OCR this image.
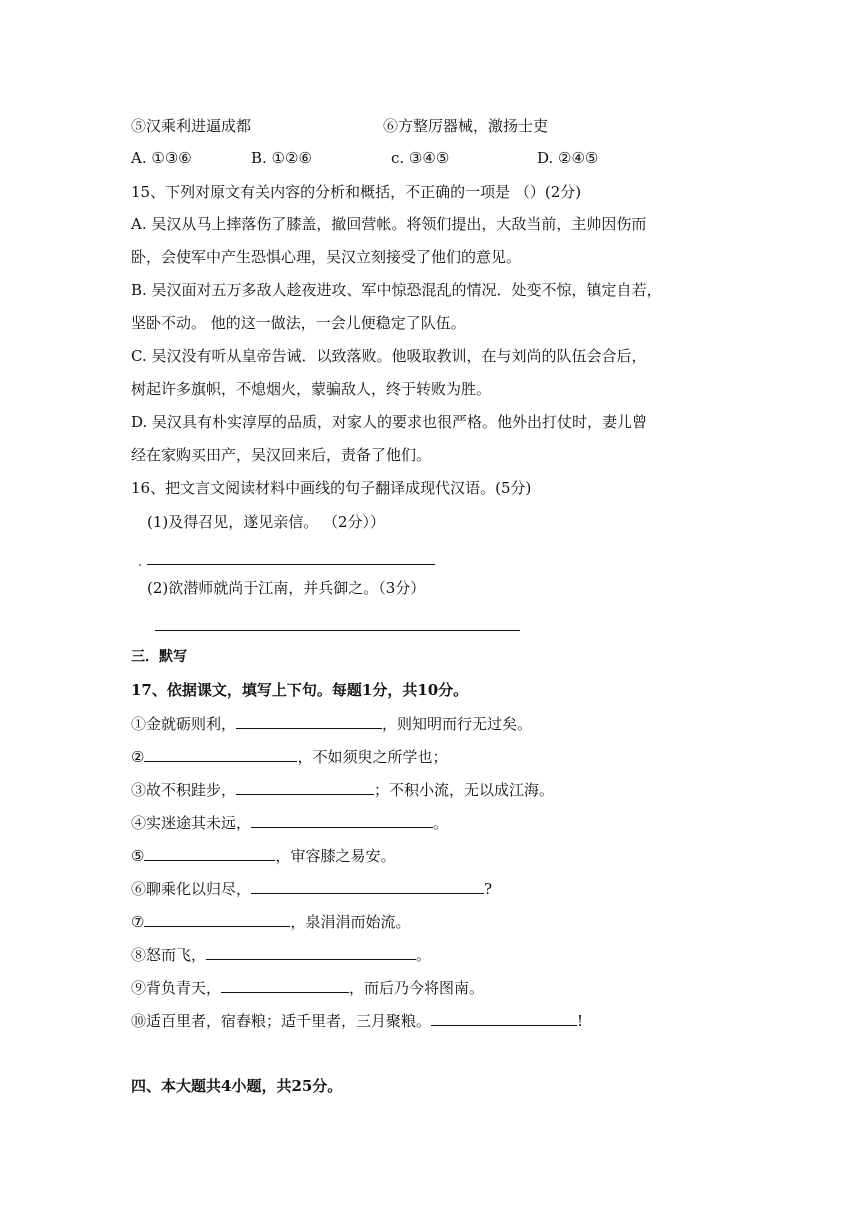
⑤汉乘利进逼成都	⑥方整厉器械，激扬士吏
A. ①③⑥	B. ①②⑥	c. ③④⑤	D. ②④⑤
15、下列对原文有关内容的分析和概括，不正确的一项是 （）(2分)
A. 吴汉从马上摔落伤了膝盖，撤回营帐。将领们提出，大敌当前，主帅因伤而
卧，会使军中产生恐惧心理，吴汉立刻接受了他们的意见。
B. 吴汉面对五万多敌人趁夜进攻、军中惊恐混乱的情况．处变不惊，镇定自若，
坚卧不动。 他的这一做法，一会儿便稳定了队伍。
C. 吴汉没有听从皇帝告诫．以致落败。他吸取教训，在与刘尚的队伍会合后，
树起许多旗帜，不熄烟火，蒙骗敌人，终于转败为胜。
D. 吴汉具有朴实淳厚的品质，对家人的要求也很严格。他外出打仗时，妻儿曾
经在家购买田产，吴汉回来后，责备了他们。
16、把文言文阅读材料中画线的句子翻译成现代汉语。(5分)
(1)及得召见，遂见亲信。 （2分））
(2)欲潜师就尚于江南，并兵御之。（3分）
三．默写
17、依据课文，填写上下句。每题1分，共10分。
①金就砺则利，	，则知明而行无过矣。
②	，不如须臾之所学也；
③故不积跬步，	；不积小流，无以成江海。
④实迷途其未远，	。
⑤	，审容膝之易安。
⑥聊乘化以归尽，	?
⑦	，泉涓涓而始流。
⑧怒而飞，	。
⑨背负青天，	，而后乃今将图南。
⑩适百里者，宿舂粮；适千里者，三月聚粮。	!
四、本大题共4小题，共25分。
